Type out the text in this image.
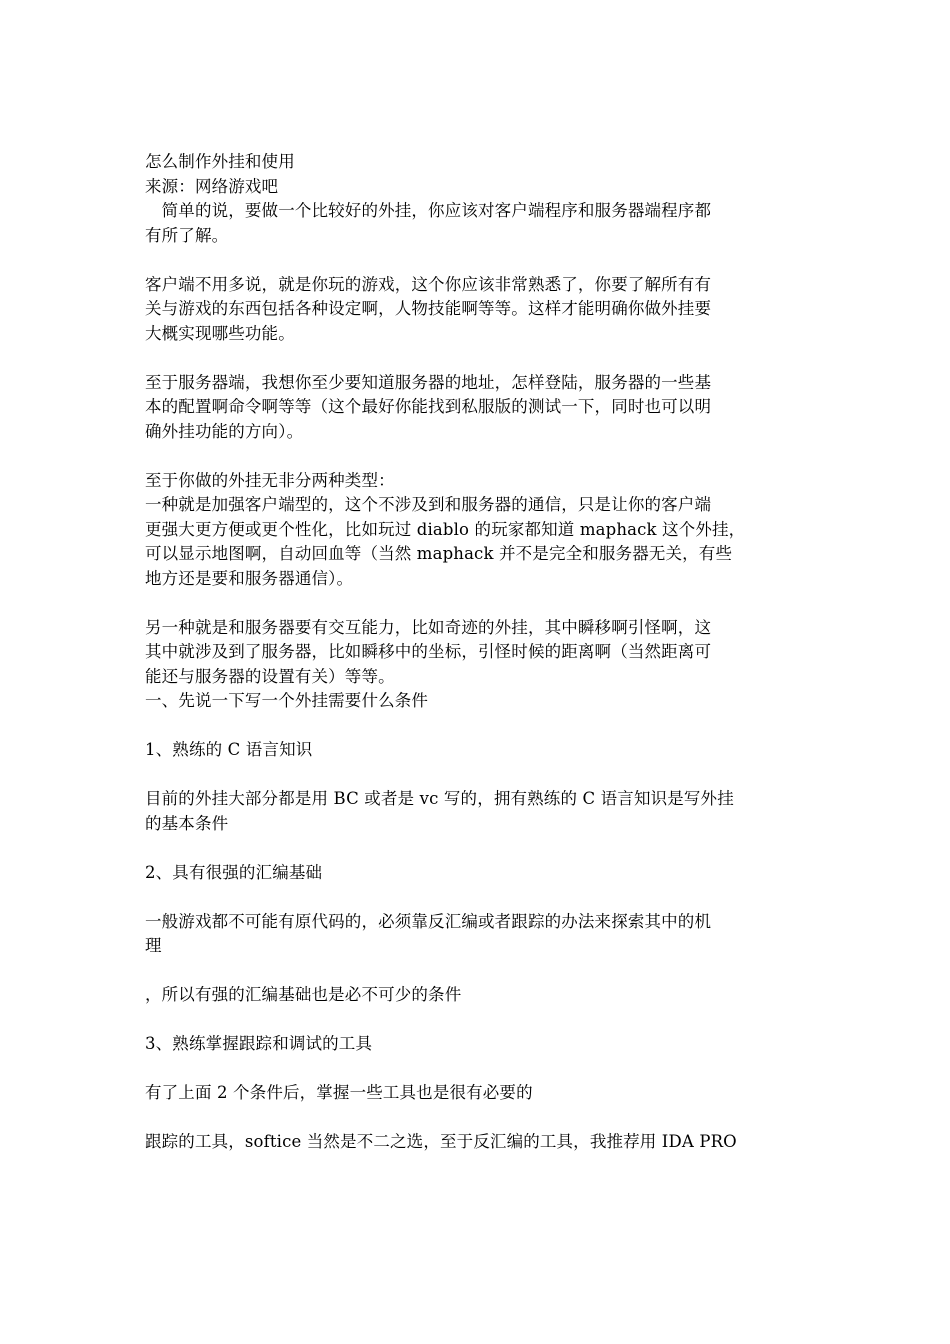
怎么制作外挂和使用
来源：网络游戏吧
　简单的说，要做一个比较好的外挂，你应该对客户端程序和服务器端程序都
有所了解。
客户端不用多说，就是你玩的游戏，这个你应该非常熟悉了，你要了解所有有
关与游戏的东西包括各种设定啊，人物技能啊等等。这样才能明确你做外挂要
大概实现哪些功能。
至于服务器端，我想你至少要知道服务器的地址，怎样登陆，服务器的一些基
本的配置啊命令啊等等（这个最好你能找到私服版的测试一下，同时也可以明
确外挂功能的方向）。
至于你做的外挂无非分两种类型：
一种就是加强客户端型的，这个不涉及到和服务器的通信，只是让你的客户端
更强大更方便或更个性化，比如玩过 diablo 的玩家都知道 maphack 这个外挂，
可以显示地图啊，自动回血等（当然 maphack 并不是完全和服务器无关，有些
地方还是要和服务器通信）。
另一种就是和服务器要有交互能力，比如奇迹的外挂，其中瞬移啊引怪啊，这
其中就涉及到了服务器，比如瞬移中的坐标，引怪时候的距离啊（当然距离可
能还与服务器的设置有关）等等。
一、先说一下写一个外挂需要什么条件
1、熟练的 C 语言知识
目前的外挂大部分都是用 BC 或者是 vc 写的，拥有熟练的 C 语言知识是写外挂
的基本条件
2、具有很强的汇编基础
一般游戏都不可能有原代码的，必须靠反汇编或者跟踪的办法来探索其中的机
理
，所以有强的汇编基础也是必不可少的条件
3、熟练掌握跟踪和调试的工具
有了上面 2 个条件后，掌握一些工具也是很有必要的
跟踪的工具，softice 当然是不二之选，至于反汇编的工具，我推荐用 IDA PRO
